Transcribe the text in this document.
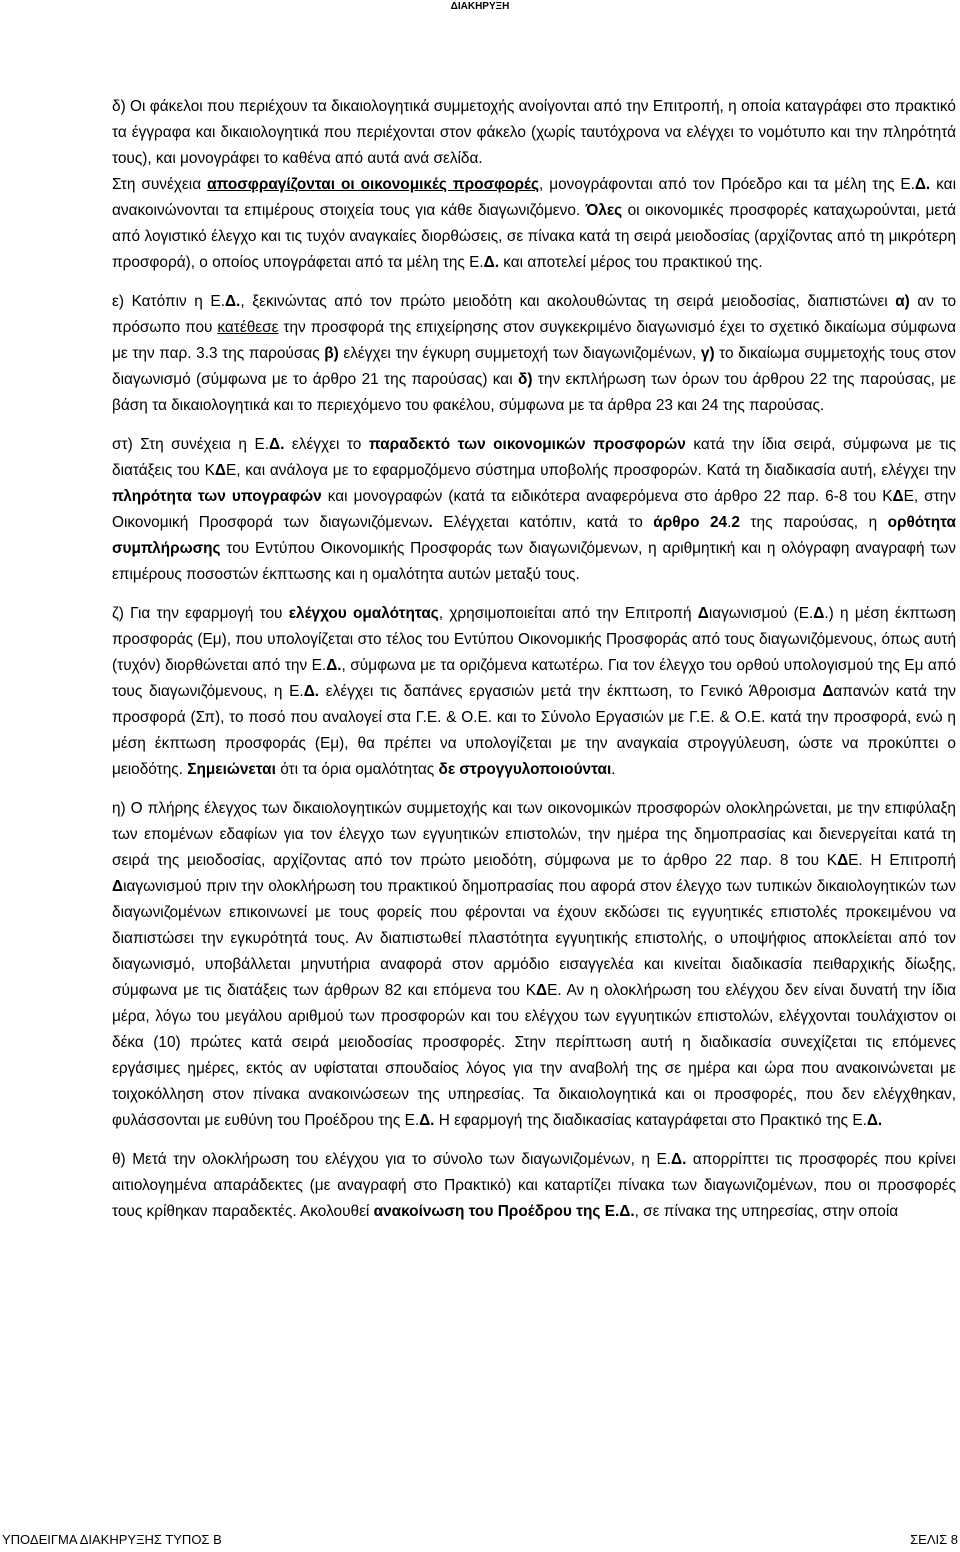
ΔΙΑΚΗΡΥΞΗ

δ) Οι φάκελοι που περιέχουν τα δικαιολογητικά συμμετοχής ανοίγονται από την Επιτροπή, η οποία καταγράφει στο πρακτικό τα έγγραφα και δικαιολογητικά που περιέχονται στον φάκελο (χωρίς ταυτόχρονα να ελέγχει το νομότυπο και την πληρότητά τους), και μονογράφει το καθένα από αυτά ανά σελίδα.
Στη συνέχεια αποσφραγίζονται οι οικονομικές προσφορές, μονογράφονται από τον Πρόεδρο και τα μέλη της Ε.Δ. και ανακοινώνονται τα επιμέρους στοιχεία τους για κάθε διαγωνιζόμενο. Όλες οι οικονομικές προσφορές καταχωρούνται, μετά από λογιστικό έλεγχο και τις τυχόν αναγκαίες διορθώσεις, σε πίνακα κατά τη σειρά μειοδοσίας (αρχίζοντας από τη μικρότερη προσφορά), ο οποίος υπογράφεται από τα μέλη της Ε.Δ. και αποτελεί μέρος του πρακτικού της.

ε) Κατόπιν η Ε.Δ., ξεκινώντας από τον πρώτο μειοδότη και ακολουθώντας τη σειρά μειοδοσίας, διαπιστώνει α) αν το πρόσωπο που κατέθεσε την προσφορά της επιχείρησης στον συγκεκριμένο διαγωνισμό έχει το σχετικό δικαίωμα σύμφωνα με την παρ. 3.3 της παρούσας β) ελέγχει την έγκυρη συμμετοχή των διαγωνιζομένων, γ) το δικαίωμα συμμετοχής τους στον διαγωνισμό (σύμφωνα με το άρθρο 21 της παρούσας) και δ) την εκπλήρωση των όρων του άρθρου 22 της παρούσας, με βάση τα δικαιολογητικά και το περιεχόμενο του φακέλου, σύμφωνα με τα άρθρα 23 και 24 της παρούσας.

στ) Στη συνέχεια η Ε.Δ. ελέγχει το παραδεκτό των οικονομικών προσφορών κατά την ίδια σειρά, σύμφωνα με τις διατάξεις του ΚΔΕ, και ανάλογα με το εφαρμοζόμενο σύστημα υποβολής προσφορών. Κατά τη διαδικασία αυτή, ελέγχει την πληρότητα των υπογραφών και μονογραφών (κατά τα ειδικότερα αναφερόμενα στο άρθρο 22 παρ. 6-8 του ΚΔΕ, στην Οικονομική Προσφορά των διαγωνιζόμενων. Ελέγχεται κατόπιν, κατά το άρθρο 24.2 της παρούσας, η ορθότητα συμπλήρωσης του Εντύπου Οικονομικής Προσφοράς των διαγωνιζόμενων, η αριθμητική και η ολόγραφη αναγραφή των επιμέρους ποσοστών έκπτωσης και η ομαλότητα αυτών μεταξύ τους.

ζ) Για την εφαρμογή του ελέγχου ομαλότητας, χρησιμοποιείται από την Επιτροπή Διαγωνισμού (Ε.Δ.) η μέση έκπτωση προσφοράς (Εμ), που υπολογίζεται στο τέλος του Εντύπου Οικονομικής Προσφοράς από τους διαγωνιζόμενους, όπως αυτή (τυχόν) διορθώνεται από την Ε.Δ., σύμφωνα με τα οριζόμενα κατωτέρω. Για τον έλεγχο του ορθού υπολογισμού της Εμ από τους διαγωνιζόμενους, η Ε.Δ. ελέγχει τις δαπάνες εργασιών μετά την έκπτωση, το Γενικό Άθροισμα Δαπανών κατά την προσφορά (Σπ), το ποσό που αναλογεί στα Γ.Ε. & Ο.Ε. και το Σύνολο Εργασιών με Γ.Ε. & Ο.Ε. κατά την προσφορά, ενώ η μέση έκπτωση προσφοράς (Εμ), θα πρέπει να υπολογίζεται με την αναγκαία στρογγύλευση, ώστε να προκύπτει ο μειοδότης. Σημειώνεται ότι τα όρια ομαλότητας δε στρογγυλοποιούνται.

η) Ο πλήρης έλεγχος των δικαιολογητικών συμμετοχής και των οικονομικών προσφορών ολοκληρώνεται, με την επιφύλαξη των επομένων εδαφίων για τον έλεγχο των εγγυητικών επιστολών, την ημέρα της δημοπρασίας και διενεργείται κατά τη σειρά της μειοδοσίας, αρχίζοντας από τον πρώτο μειοδότη, σύμφωνα με το άρθρο 22 παρ. 8 του ΚΔΕ. Η Επιτροπή Διαγωνισμού πριν την ολοκλήρωση του πρακτικού δημοπρασίας που αφορά στον έλεγχο των τυπικών δικαιολογητικών των διαγωνιζομένων επικοινωνεί με τους φορείς που φέρονται να έχουν εκδώσει τις εγγυητικές επιστολές προκειμένου να διαπιστώσει την εγκυρότητά τους. Αν διαπιστωθεί πλαστότητα εγγυητικής επιστολής, ο υποψήφιος αποκλείεται από τον διαγωνισμό, υποβάλλεται μηνυτήρια αναφορά στον αρμόδιο εισαγγελέα και κινείται διαδικασία πειθαρχικής δίωξης, σύμφωνα με τις διατάξεις των άρθρων 82 και επόμενα του ΚΔΕ. Αν η ολοκλήρωση του ελέγχου δεν είναι δυνατή την ίδια μέρα, λόγω του μεγάλου αριθμού των προσφορών και του ελέγχου των εγγυητικών επιστολών, ελέγχονται τουλάχιστον οι δέκα (10) πρώτες κατά σειρά μειοδοσίας προσφορές. Στην περίπτωση αυτή η διαδικασία συνεχίζεται τις επόμενες εργάσιμες ημέρες, εκτός αν υφίσταται σπουδαίος λόγος για την αναβολή της σε ημέρα και ώρα που ανακοινώνεται με τοιχοκόλληση στον πίνακα ανακοινώσεων της υπηρεσίας. Τα δικαιολογητικά και οι προσφορές, που δεν ελέγχθηκαν, φυλάσσονται με ευθύνη του Προέδρου της Ε.Δ. Η εφαρμογή της διαδικασίας καταγράφεται στο Πρακτικό της Ε.Δ.

θ) Μετά την ολοκλήρωση του ελέγχου για το σύνολο των διαγωνιζομένων, η Ε.Δ. απορρίπτει τις προσφορές που κρίνει αιτιολογημένα απαράδεκτες (με αναγραφή στο Πρακτικό) και καταρτίζει πίνακα των διαγωνιζομένων, που οι προσφορές τους κρίθηκαν παραδεκτές. Ακολουθεί ανακοίνωση του Προέδρου της Ε.Δ., σε πίνακα της υπηρεσίας, στην οποία

ΥΠΟΔΕΙΓΜΑ ΔΙΑΚΗΡΥΞΗΣ ΤΥΠΟΣ Β	ΣΕΛΙΣ 8
